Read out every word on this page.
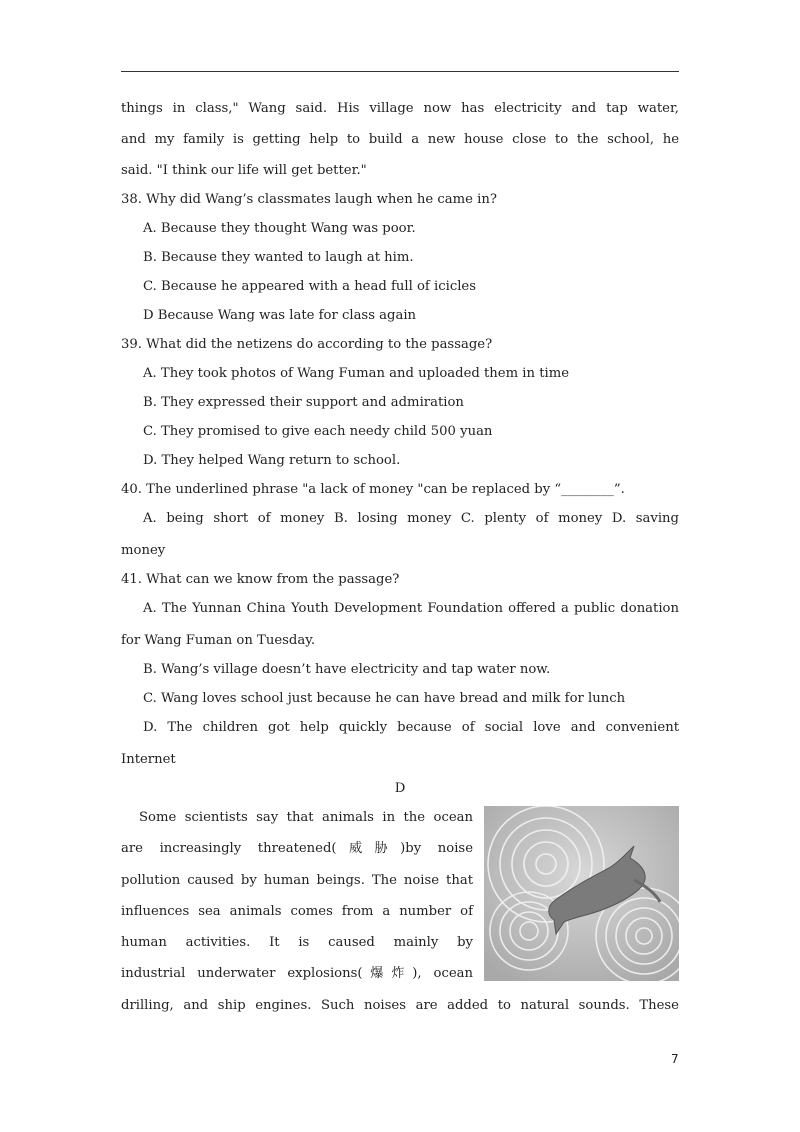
things in class," Wang said. His village now has electricity and tap water,
and my family is getting help to build a new house close to the school, he
said. "I think our life will get better."
38. Why did Wang’s classmates laugh when he came in?
A. Because they thought Wang was poor.
B. Because they wanted to laugh at him.
C. Because he appeared with a head full of icicles
D Because Wang was late for class again
39. What did the netizens do according to the passage?
A. They took photos of Wang Fuman and uploaded them in time
B. They expressed their support and admiration
C. They promised to give each needy child 500 yuan
D. They helped Wang return to school.
40. The underlined phrase "a lack of money "can be replaced by “________”.
A. being short of money B. losing money C. plenty of money D. saving
money
41. What can we know from the passage?
A. The Yunnan China Youth Development Foundation offered a public donation
for Wang Fuman on Tuesday.
B. Wang’s village doesn’t have electricity and tap water now.
C. Wang loves school just because he can have bread and milk for lunch
D. The children got help quickly because of social love and convenient
Internet
D
Some scientists say that animals in the ocean
are increasingly threatened(威胁)by noise
pollution caused by human beings. The noise that
influences sea animals comes from a number of
human activities. It is caused mainly by
industrial underwater explosions(爆炸), ocean
drilling, and ship engines. Such noises are added to natural sounds. These
7
